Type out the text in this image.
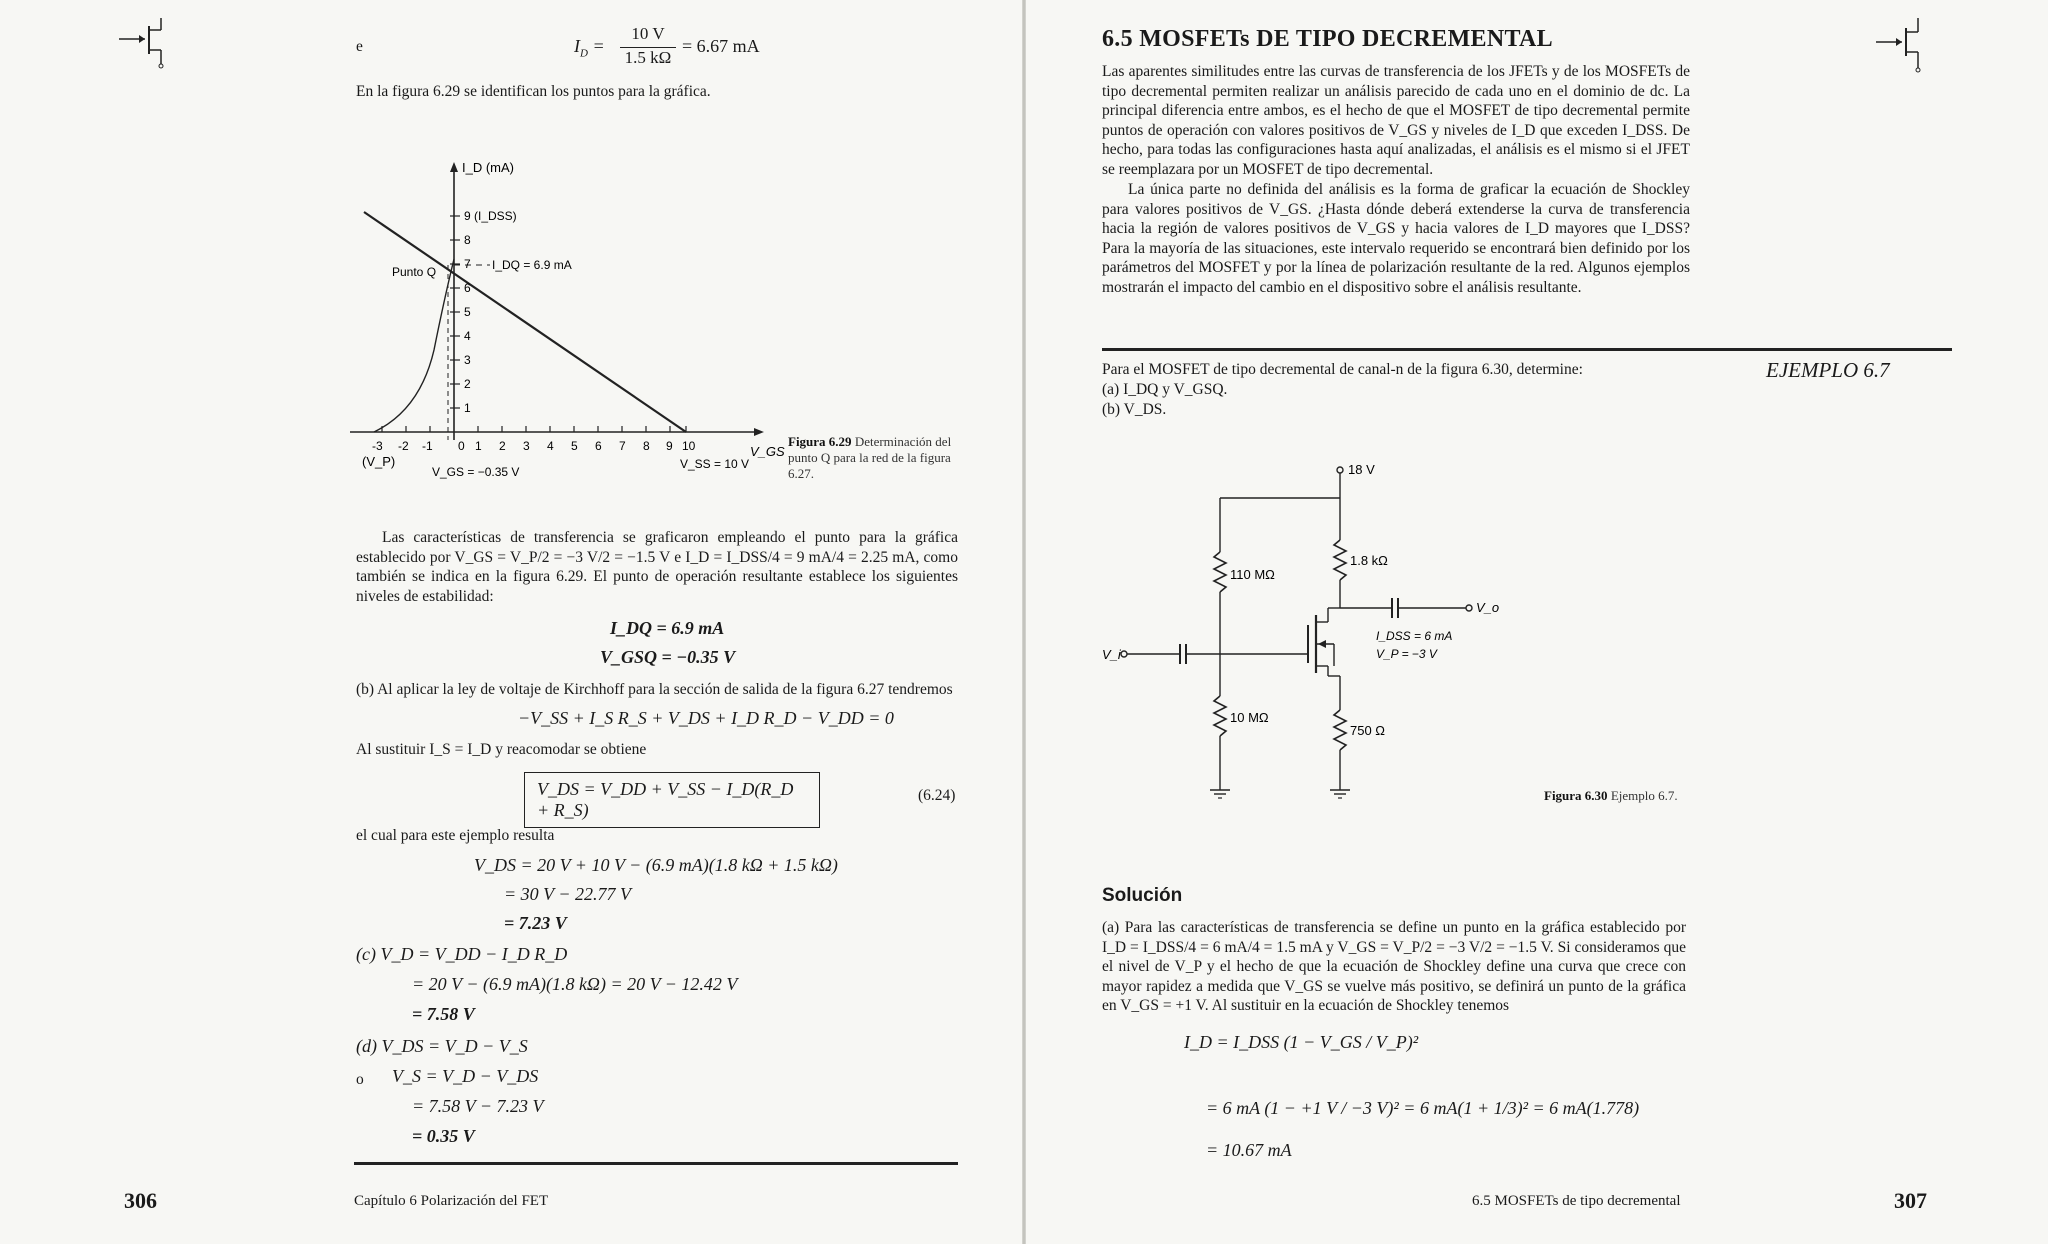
e	$I_D$ =
10 V
1.5 kΩ
= 6.67 mA

En la figura 6.29 se identifican los puntos para la gráfica.

I_D (mA)
1
2
3
4
5
6
7
8
9 (I_DSS)
-3 -2 -1 0 1 2 3 4 5 6 7 8 9 10
(V_P)
V_GS
V_SS = 10 V
V_GS = −0.35 V
Punto Q	I_DQ = 6.9 mA
Figura 6.29 Determinación del punto Q para la red de la figura 6.27.

Las características de transferencia se graficaron empleando el punto para la gráfica establecido por V_GS = V_P/2 = −3 V/2 = −1.5 V e I_D = I_DSS/4 = 9 mA/4 = 2.25 mA, como también se indica en la figura 6.29. El punto de operación resultante establece los siguientes niveles de estabilidad:

I_DQ = 6.9 mA
V_GSQ = −0.35 V

(b) Al aplicar la ley de voltaje de Kirchhoff para la sección de salida de la figura 6.27 tendremos

−V_SS + I_S R_S + V_DS + I_D R_D − V_DD = 0

Al sustituir I_S = I_D y reacomodar se obtiene

V_DS = V_DD + V_SS − I_D(R_D + R_S)
(6.24)

el cual para este ejemplo resulta

V_DS = 20 V + 10 V − (6.9 mA)(1.8 kΩ + 1.5 kΩ)
= 30 V − 22.77 V
= 7.23 V
(c) V_D = V_DD − I_D R_D
= 20 V − (6.9 mA)(1.8 kΩ) = 20 V − 12.42 V
= 7.58 V
(d) V_DS = V_D − V_S
o V_S = V_D − V_DS
= 7.58 V − 7.23 V
= 0.35 V
306	Capítulo 6 Polarización del FET
6.5 MOSFETs DE TIPO DECREMENTAL

Las aparentes similitudes entre las curvas de transferencia de los JFETs y de los MOSFETs de tipo decremental permiten realizar un análisis parecido de cada uno en el dominio de dc. La principal diferencia entre ambos, es el hecho de que el MOSFET de tipo decremental permite puntos de operación con valores positivos de V_GS y niveles de I_D que exceden I_DSS. De hecho, para todas las configuraciones hasta aquí analizadas, el análisis es el mismo si el JFET se reemplazara por un MOSFET de tipo decremental.

La única parte no definida del análisis es la forma de graficar la ecuación de Shockley para valores positivos de V_GS. ¿Hasta dónde deberá extenderse la curva de transferencia hacia la región de valores positivos de V_GS y hacia valores de I_D mayores que I_DSS? Para la mayoría de las situaciones, este intervalo requerido se encontrará bien definido por los parámetros del MOSFET y por la línea de polarización resultante de la red. Algunos ejemplos mostrarán el impacto del cambio en el dispositivo sobre el análisis resultante.

Para el MOSFET de tipo decremental de canal-n de la figura 6.30, determine:	EJEMPLO 6.7
(a) I_DQ y V_GSQ.
(b) V_DS.
18 V
110 MΩ
10 MΩ
1.8 kΩ
750 Ω
V_i
V_o
I_DSS = 6 mA
V_P = −3 V
Figura 6.30 Ejemplo 6.7.
Solución

(a) Para las características de transferencia se define un punto en la gráfica establecido por I_D = I_DSS/4 = 6 mA/4 = 1.5 mA y V_GS = V_P/2 = −3 V/2 = −1.5 V. Si consideramos que el nivel de V_P y el hecho de que la ecuación de Shockley define una curva que crece con mayor rapidez a medida que V_GS se vuelve más positivo, se definirá un punto de la gráfica en V_GS = +1 V. Al sustituir en la ecuación de Shockley tenemos

I_D = I_DSS (1 − V_GS / V_P)²
= 6 mA (1 − +1 V / −3 V)² = 6 mA(1 + 1/3)² = 6 mA(1.778)
= 10.67 mA
6.5 MOSFETs de tipo decremental	307
